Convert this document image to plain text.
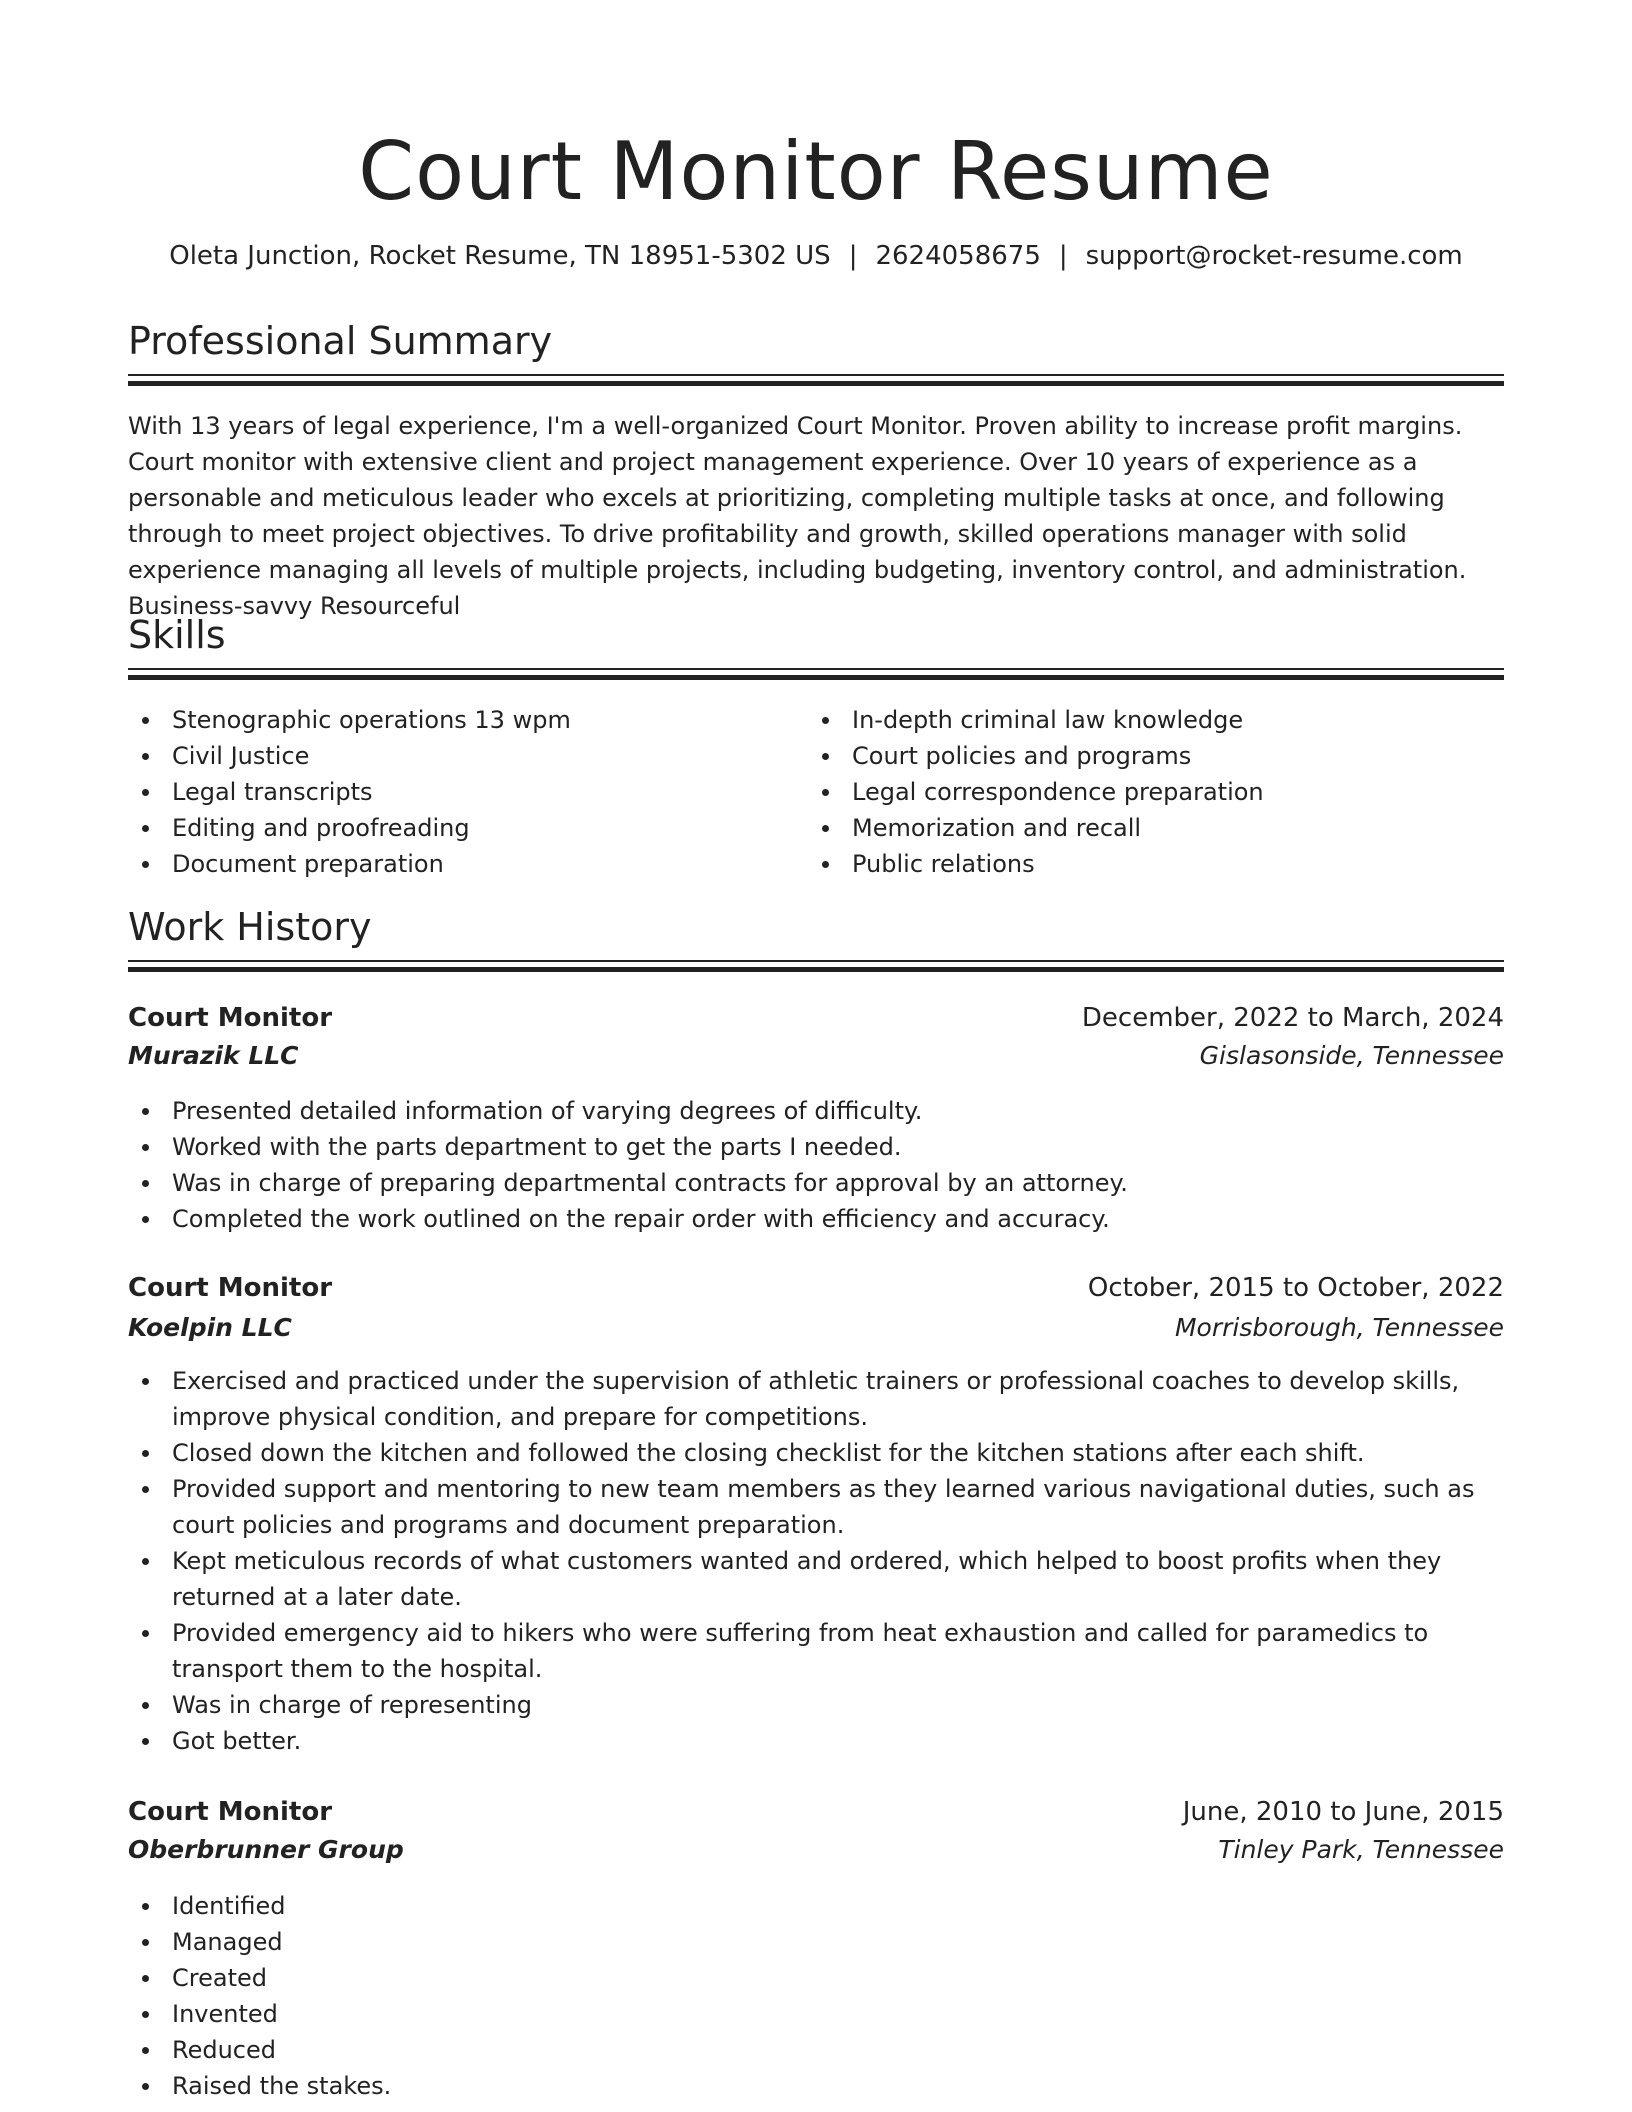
Court Monitor Resume
Oleta Junction, Rocket Resume, TN 18951-5302 US | 2624058675 | support@rocket-resume.com
Professional Summary

With 13 years of legal experience, I'm a well-organized Court Monitor. Proven ability to increase profit margins. Court monitor with extensive client and project management experience. Over 10 years of experience as a personable and meticulous leader who excels at prioritizing, completing multiple tasks at once, and following through to meet project objectives. To drive profitability and growth, skilled operations manager with solid experience managing all levels of multiple projects, including budgeting, inventory control, and administration. Business-savvy Resourceful

Skills
Stenographic operations 13 wpm
Civil Justice
Legal transcripts
Editing and proofreading
Document preparation
In-depth criminal law knowledge
Court policies and programs
Legal correspondence preparation
Memorization and recall
Public relations
Work History
Court Monitor	December, 2022 to March, 2024
Murazik LLC	Gislasonside, Tennessee
Presented detailed information of varying degrees of difficulty.
Worked with the parts department to get the parts I needed.
Was in charge of preparing departmental contracts for approval by an attorney.
Completed the work outlined on the repair order with efficiency and accuracy.
Court Monitor	October, 2015 to October, 2022
Koelpin LLC	Morrisborough, Tennessee
Exercised and practiced under the supervision of athletic trainers or professional coaches to develop skills, improve physical condition, and prepare for competitions.
Closed down the kitchen and followed the closing checklist for the kitchen stations after each shift.
Provided support and mentoring to new team members as they learned various navigational duties, such as court policies and programs and document preparation.
Kept meticulous records of what customers wanted and ordered, which helped to boost profits when they returned at a later date.
Provided emergency aid to hikers who were suffering from heat exhaustion and called for paramedics to transport them to the hospital.
Was in charge of representing
Got better.
Court Monitor	June, 2010 to June, 2015
Oberbrunner Group	Tinley Park, Tennessee
Identified
Managed
Created
Invented
Reduced
Raised the stakes.
